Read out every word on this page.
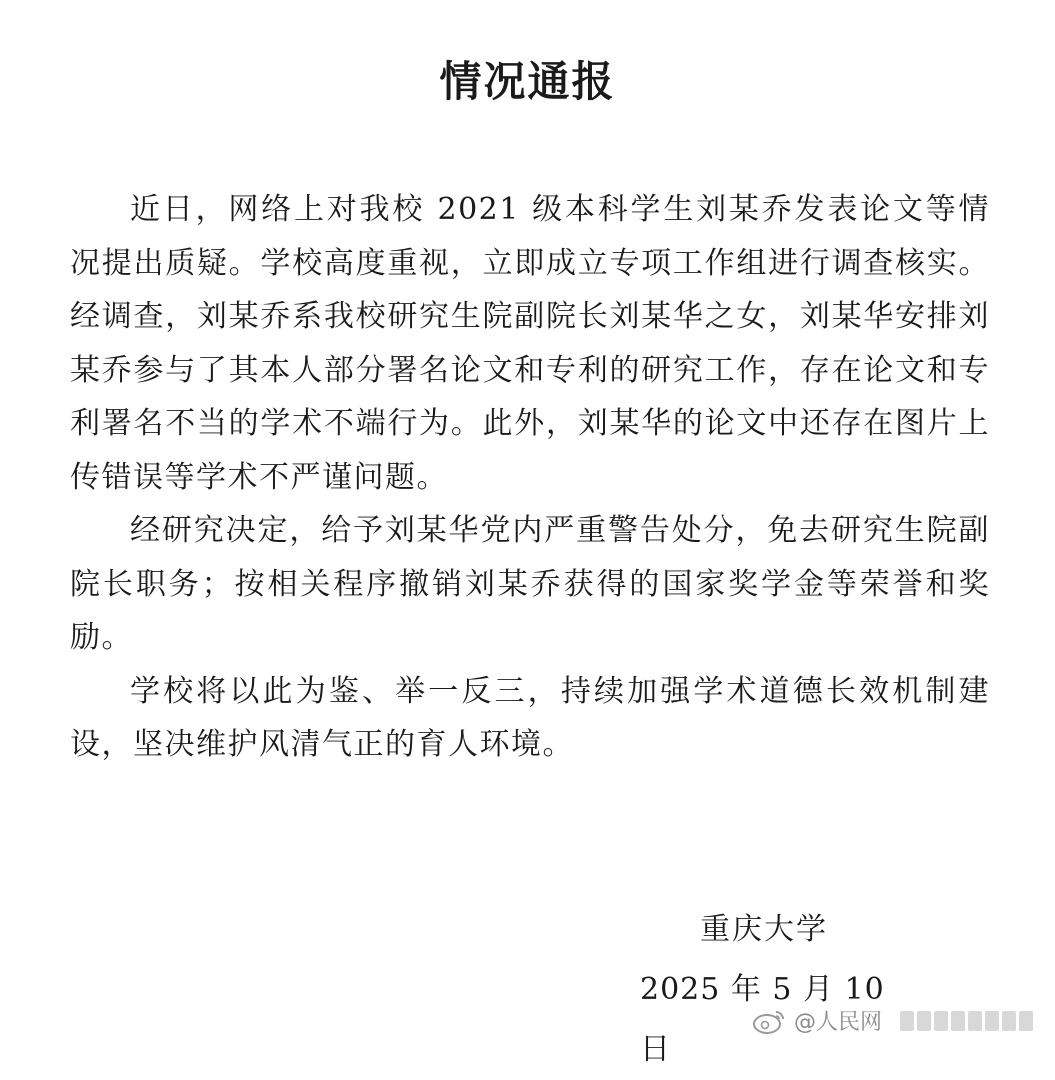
情况通报

近日，网络上对我校 2021 级本科学生刘某乔发表论文等情况提出质疑。学校高度重视，立即成立专项工作组进行调查核实。经调查，刘某乔系我校研究生院副院长刘某华之女，刘某华安排刘某乔参与了其本人部分署名论文和专利的研究工作，存在论文和专利署名不当的学术不端行为。此外，刘某华的论文中还存在图片上传错误等学术不严谨问题。

经研究决定，给予刘某华党内严重警告处分，免去研究生院副院长职务；按相关程序撤销刘某乔获得的国家奖学金等荣誉和奖励。

学校将以此为鉴、举一反三，持续加强学术道德长效机制建设，坚决维护风清气正的育人环境。

重庆大学
2025 年 5 月 10 日
@人民网
